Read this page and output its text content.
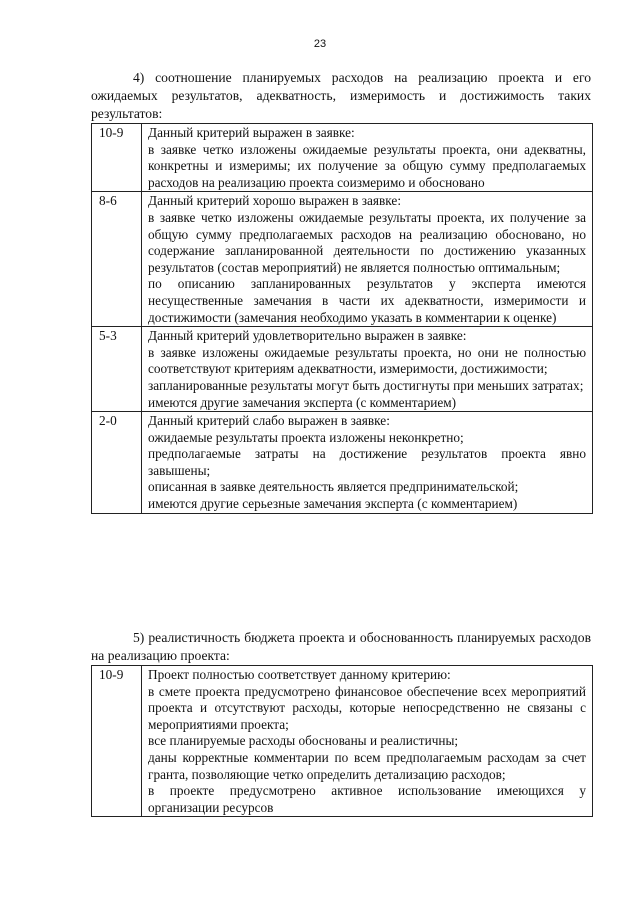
23

4) соотношение планируемых расходов на реализацию проекта и его ожидаемых результатов, адекватность, измеримость и достижимость таких результатов:

10-9	Данный критерий выражен в заявке:

в заявке четко изложены ожидаемые результаты проекта, они адекватны, конкретны и измеримы; их получение за общую сумму предполагаемых расходов на реализацию проекта соизмеримо и обосновано

8-6	Данный критерий хорошо выражен в заявке:

в заявке четко изложены ожидаемые результаты проекта, их получение за общую сумму предполагаемых расходов на реализацию обосновано, но содержание запланированной деятельности по достижению указанных результатов (состав мероприятий) не является полностью оптимальным;

по описанию запланированных результатов у эксперта имеются несущественные замечания в части их адекватности, измеримости и достижимости (замечания необходимо указать в комментарии к оценке)

5-3	Данный критерий удовлетворительно выражен в заявке:

в заявке изложены ожидаемые результаты проекта, но они не полностью соответствуют критериям адекватности, измеримости, достижимости;

запланированные результаты могут быть достигнуты при меньших затратах;

имеются другие замечания эксперта (с комментарием)

2-0	Данный критерий слабо выражен в заявке:

ожидаемые результаты проекта изложены неконкретно;

предполагаемые затраты на достижение результатов проекта явно завышены;

описанная в заявке деятельность является предпринимательской;

имеются другие серьезные замечания эксперта (с комментарием)

5) реалистичность бюджета проекта и обоснованность планируемых расходов на реализацию проекта:

10-9	Проект полностью соответствует данному критерию:

в смете проекта предусмотрено финансовое обеспечение всех мероприятий проекта и отсутствуют расходы, которые непосредственно не связаны с мероприятиями проекта;

все планируемые расходы обоснованы и реалистичны;

даны корректные комментарии по всем предполагаемым расходам за счет гранта, позволяющие четко определить детализацию расходов;

в проекте предусмотрено активное использование имеющихся у организации ресурсов
